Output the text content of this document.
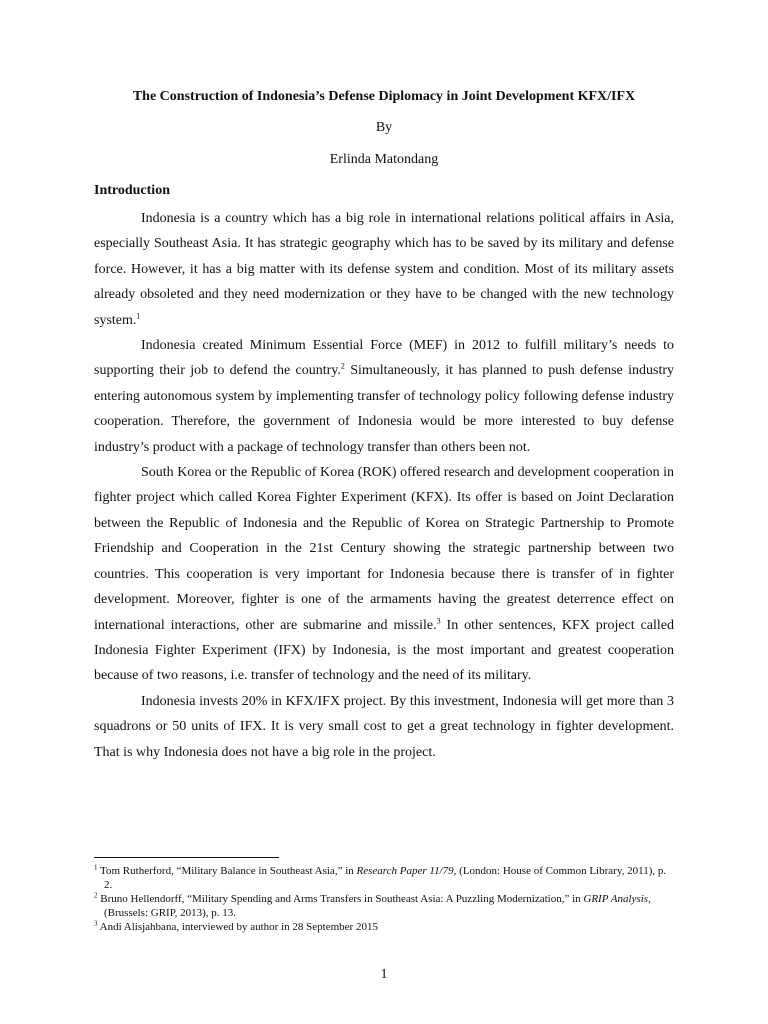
The Construction of Indonesia’s Defense Diplomacy in Joint Development KFX/IFX
By
Erlinda Matondang
Introduction

Indonesia is a country which has a big role in international relations political affairs in Asia, especially Southeast Asia. It has strategic geography which has to be saved by its military and defense force. However, it has a big matter with its defense system and condition. Most of its military assets already obsoleted and they need modernization or they have to be changed with the new technology system.$^1$

Indonesia created Minimum Essential Force (MEF) in 2012 to fulfill military’s needs to supporting their job to defend the country.$^2$ Simultaneously, it has planned to push defense industry entering autonomous system by implementing transfer of technology policy following defense industry cooperation. Therefore, the government of Indonesia would be more interested to buy defense industry’s product with a package of technology transfer than others been not.

South Korea or the Republic of Korea (ROK) offered research and development cooperation in fighter project which called Korea Fighter Experiment (KFX). Its offer is based on Joint Declaration between the Republic of Indonesia and the Republic of Korea on Strategic Partnership to Promote Friendship and Cooperation in the 21st Century showing the strategic partnership between two countries. This cooperation is very important for Indonesia because there is transfer of in fighter development. Moreover, fighter is one of the armaments having the greatest deterrence effect on international interactions, other are submarine and missile.$^3$ In other sentences, KFX project called Indonesia Fighter Experiment (IFX) by Indonesia, is the most important and greatest cooperation because of two reasons, i.e. transfer of technology and the need of its military.

Indonesia invests 20% in KFX/IFX project. By this investment, Indonesia will get more than 3 squadrons or 50 units of IFX. It is very small cost to get a great technology in fighter development. That is why Indonesia does not have a big role in the project.

$^1$ Tom Rutherford, “Military Balance in Southeast Asia,” in Research Paper 11/79, (London: House of Common Library, 2011), p. 2.

$^2$ Bruno Hellendorff, “Military Spending and Arms Transfers in Southeast Asia: A Puzzling Modernization,” in GRIP Analysis, (Brussels: GRIP, 2013), p. 13.

$^3$ Andi Alisjahbana, interviewed by author in 28 September 2015

1
